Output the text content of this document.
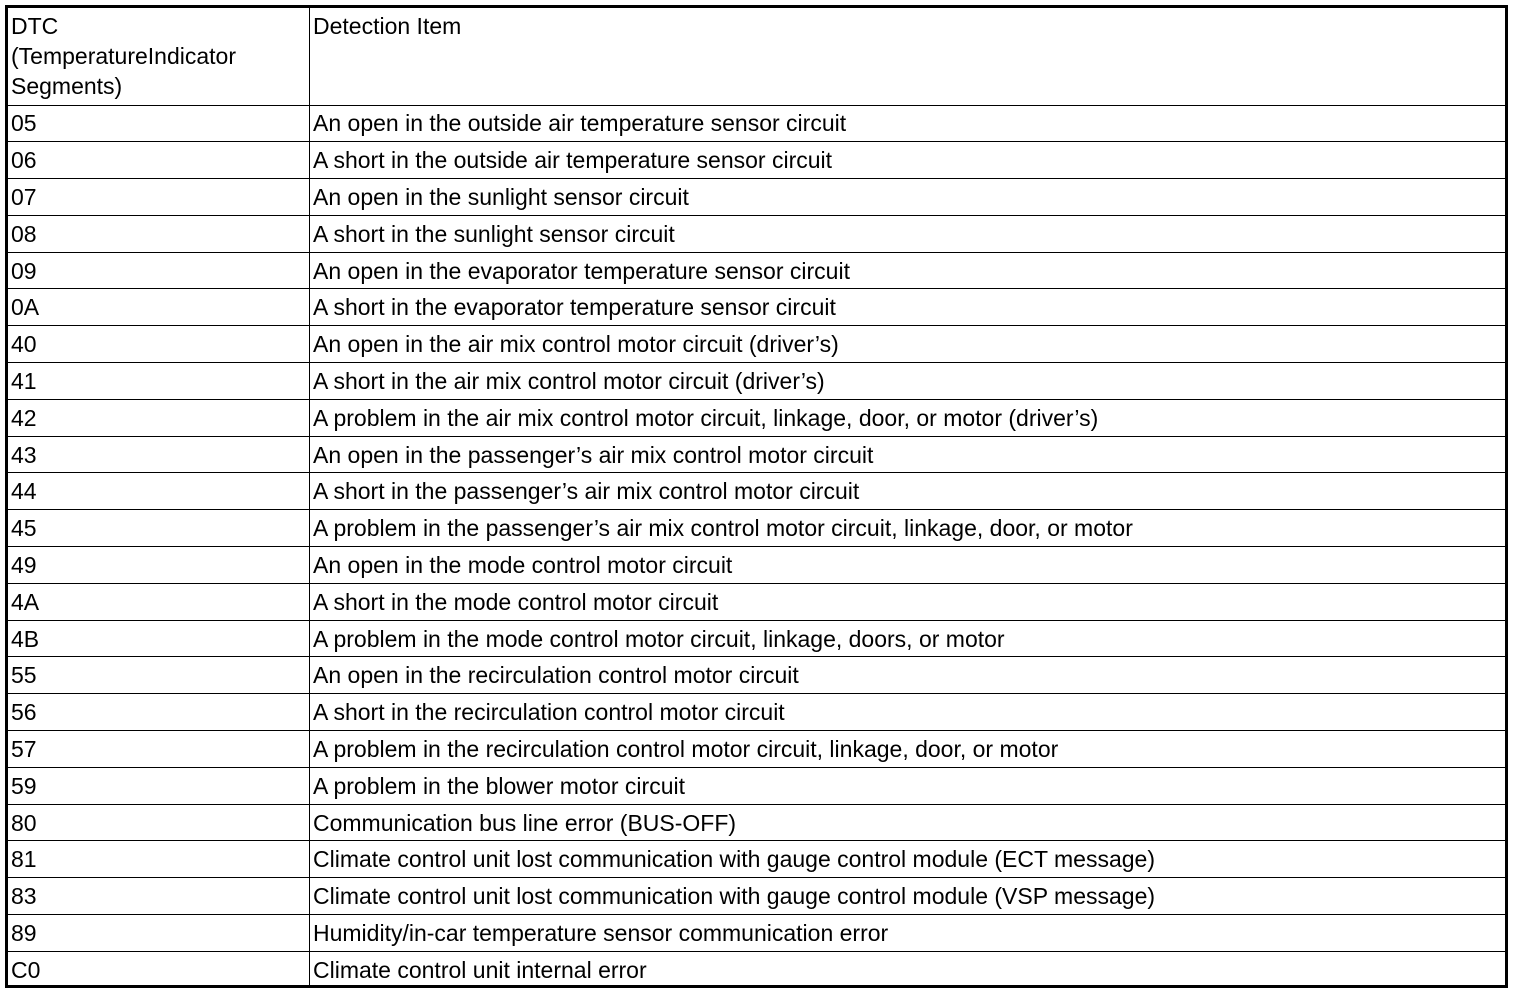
DTC
(TemperatureIndicator
Segments)	Detection Item
05	An open in the outside air temperature sensor circuit
06	A short in the outside air temperature sensor circuit
07	An open in the sunlight sensor circuit
08	A short in the sunlight sensor circuit
09	An open in the evaporator temperature sensor circuit
0A	A short in the evaporator temperature sensor circuit
40	An open in the air mix control motor circuit (driver’s)
41	A short in the air mix control motor circuit (driver’s)
42	A problem in the air mix control motor circuit, linkage, door, or motor (driver’s)
43	An open in the passenger’s air mix control motor circuit
44	A short in the passenger’s air mix control motor circuit
45	A problem in the passenger’s air mix control motor circuit, linkage, door, or motor
49	An open in the mode control motor circuit
4A	A short in the mode control motor circuit
4B	A problem in the mode control motor circuit, linkage, doors, or motor
55	An open in the recirculation control motor circuit
56	A short in the recirculation control motor circuit
57	A problem in the recirculation control motor circuit, linkage, door, or motor
59	A problem in the blower motor circuit
80	Communication bus line error (BUS-OFF)
81	Climate control unit lost communication with gauge control module (ECT message)
83	Climate control unit lost communication with gauge control module (VSP message)
89	Humidity/in-car temperature sensor communication error
C0	Climate control unit internal error
